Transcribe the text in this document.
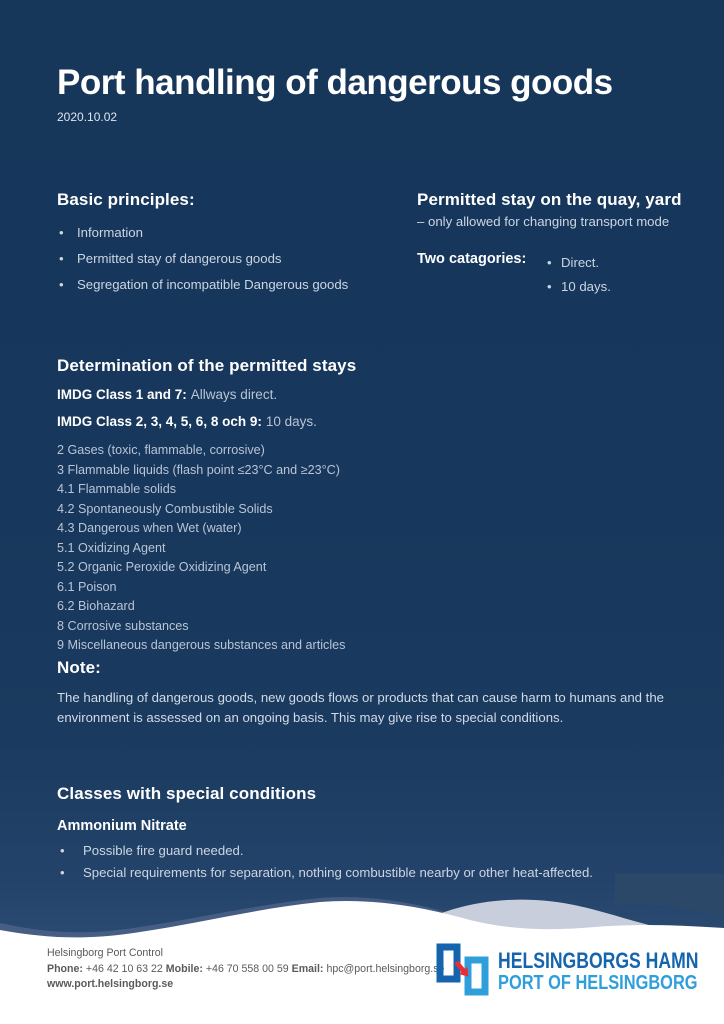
Port handling of dangerous goods
2020.10.02
Basic principles:
• Information
• Permitted stay of dangerous goods
• Segregation of incompatible Dangerous goods
Permitted stay on the quay, yard
– only allowed for changing transport mode
Two catagories:	• Direct.
• 10 days.
Determination of the permitted stays
IMDG Class 1 and 7: Allways direct.
IMDG Class 2, 3, 4, 5, 6, 8 och 9: 10 days.
2 Gases (toxic, flammable, corrosive)
3 Flammable liquids (flash point ≤23°C and ≥23°C)
4.1 Flammable solids
4.2 Spontaneously Combustible Solids
4.3 Dangerous when Wet (water)
5.1 Oxidizing Agent
5.2 Organic Peroxide Oxidizing Agent
6.1 Poison
6.2 Biohazard
8 Corrosive substances
9 Miscellaneous dangerous substances and articles
Note:

The handling of dangerous goods, new goods flows or products that can cause harm to humans and the environment is assessed on an ongoing basis. This may give rise to special conditions.

Classes with special conditions
Ammonium Nitrate
• Possible fire guard needed.
• Special requirements for separation, nothing combustible nearby or other heat-affected.
Helsingborg Port Control
Phone: +46 42 10 63 22 Mobile: +46 70 558 00 59 Email: hpc@port.helsingborg.se
www.port.helsingborg.se
HELSINGBORGS HAMN
PORT OF HELSINGBORG
